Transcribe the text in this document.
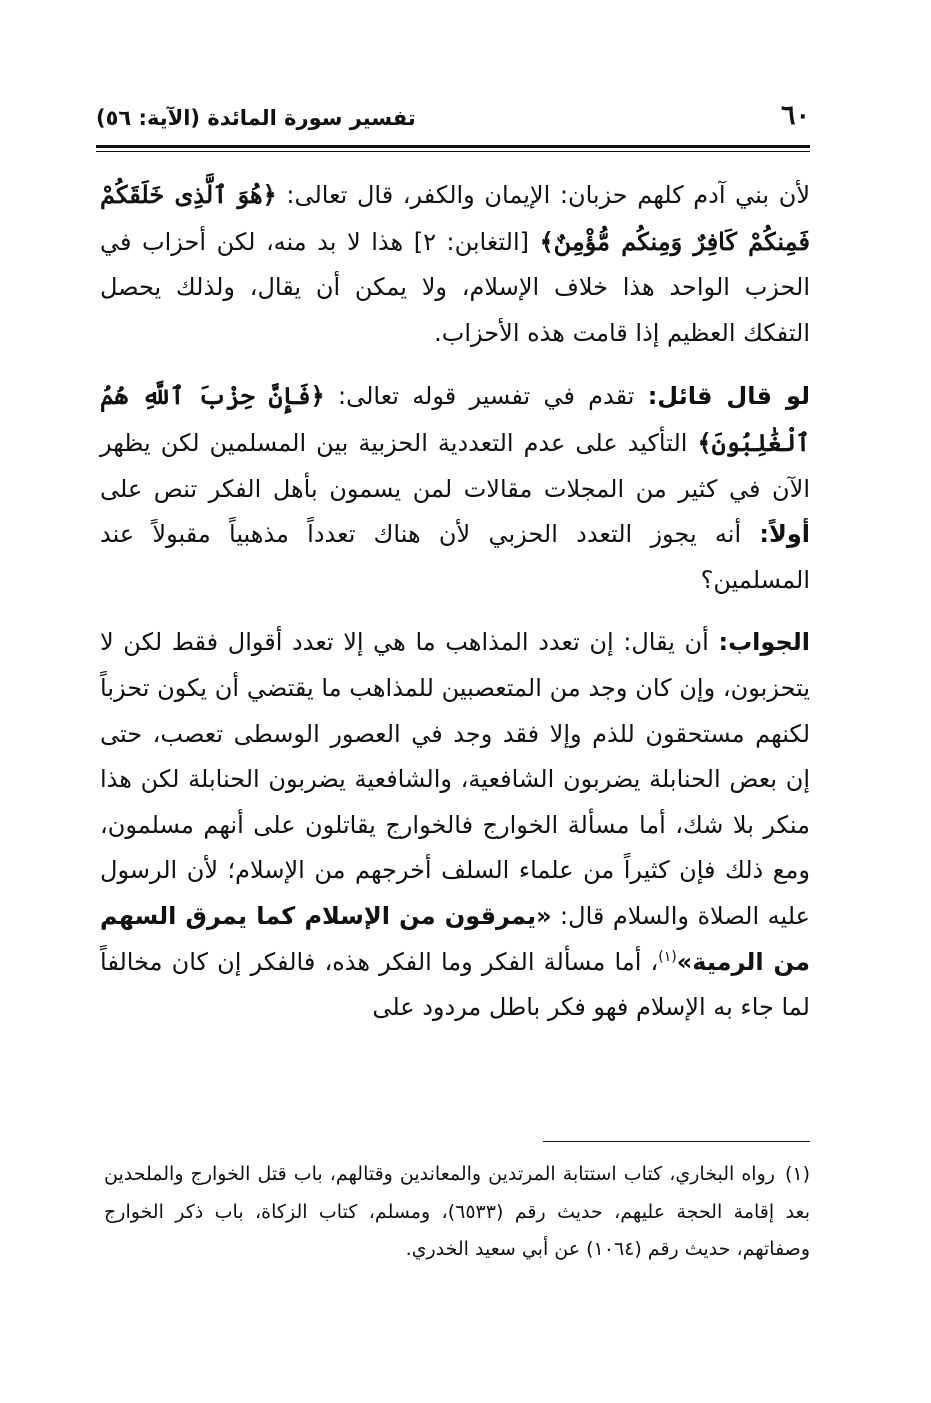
٦٠
تفسير سورة المائدة (الآية: ٥٦)

لأن بني آدم كلهم حزبان: الإيمان والكفر، قال تعالى: ﴿هُوَ ٱلَّذِى خَلَقَكُمْ فَمِنكُمْ كَافِرٌ وَمِنكُم مُّؤْمِنٌ﴾ [التغابن: ٢] هذا لا بد منه، لكن أحزاب في الحزب الواحد هذا خلاف الإسلام، ولا يمكن أن يقال، ولذلك يحصل التفكك العظيم إذا قامت هذه الأحزاب.

لو قال قائل: تقدم في تفسير قوله تعالى: ﴿فَإِنَّ حِزْبَ ٱللَّهِ هُمُ ٱلْغَٰلِبُونَ﴾ التأكيد على عدم التعددية الحزبية بين المسلمين لكن يظهر الآن في كثير من المجلات مقالات لمن يسمون بأهل الفكر تنص على أولاً: أنه يجوز التعدد الحزبي لأن هناك تعدداً مذهبياً مقبولاً عند المسلمين؟

الجواب: أن يقال: إن تعدد المذاهب ما هي إلا تعدد أقوال فقط لكن لا يتحزبون، وإن كان وجد من المتعصبين للمذاهب ما يقتضي أن يكون تحزباً لكنهم مستحقون للذم وإلا فقد وجد في العصور الوسطى تعصب، حتى إن بعض الحنابلة يضربون الشافعية، والشافعية يضربون الحنابلة لكن هذا منكر بلا شك، أما مسألة الخوارج فالخوارج يقاتلون على أنهم مسلمون، ومع ذلك فإن كثيراً من علماء السلف أخرجهم من الإسلام؛ لأن الرسول عليه الصلاة والسلام قال: «يمرقون من الإسلام كما يمرق السهم من الرمية»$^{(١)}$، أما مسألة الفكر وما الفكر هذه، فالفكر إن كان مخالفاً لما جاء به الإسلام فهو فكر باطل مردود على

(١)رواه البخاري، كتاب استتابة المرتدين والمعاندين وقتالهم، باب قتل الخوارج والملحدين بعد إقامة الحجة عليهم، حديث رقم (٦٥٣٣)، ومسلم، كتاب الزكاة، باب ذكر الخوارج وصفاتهم، حديث رقم (١٠٦٤) عن أبي سعيد الخدري.
